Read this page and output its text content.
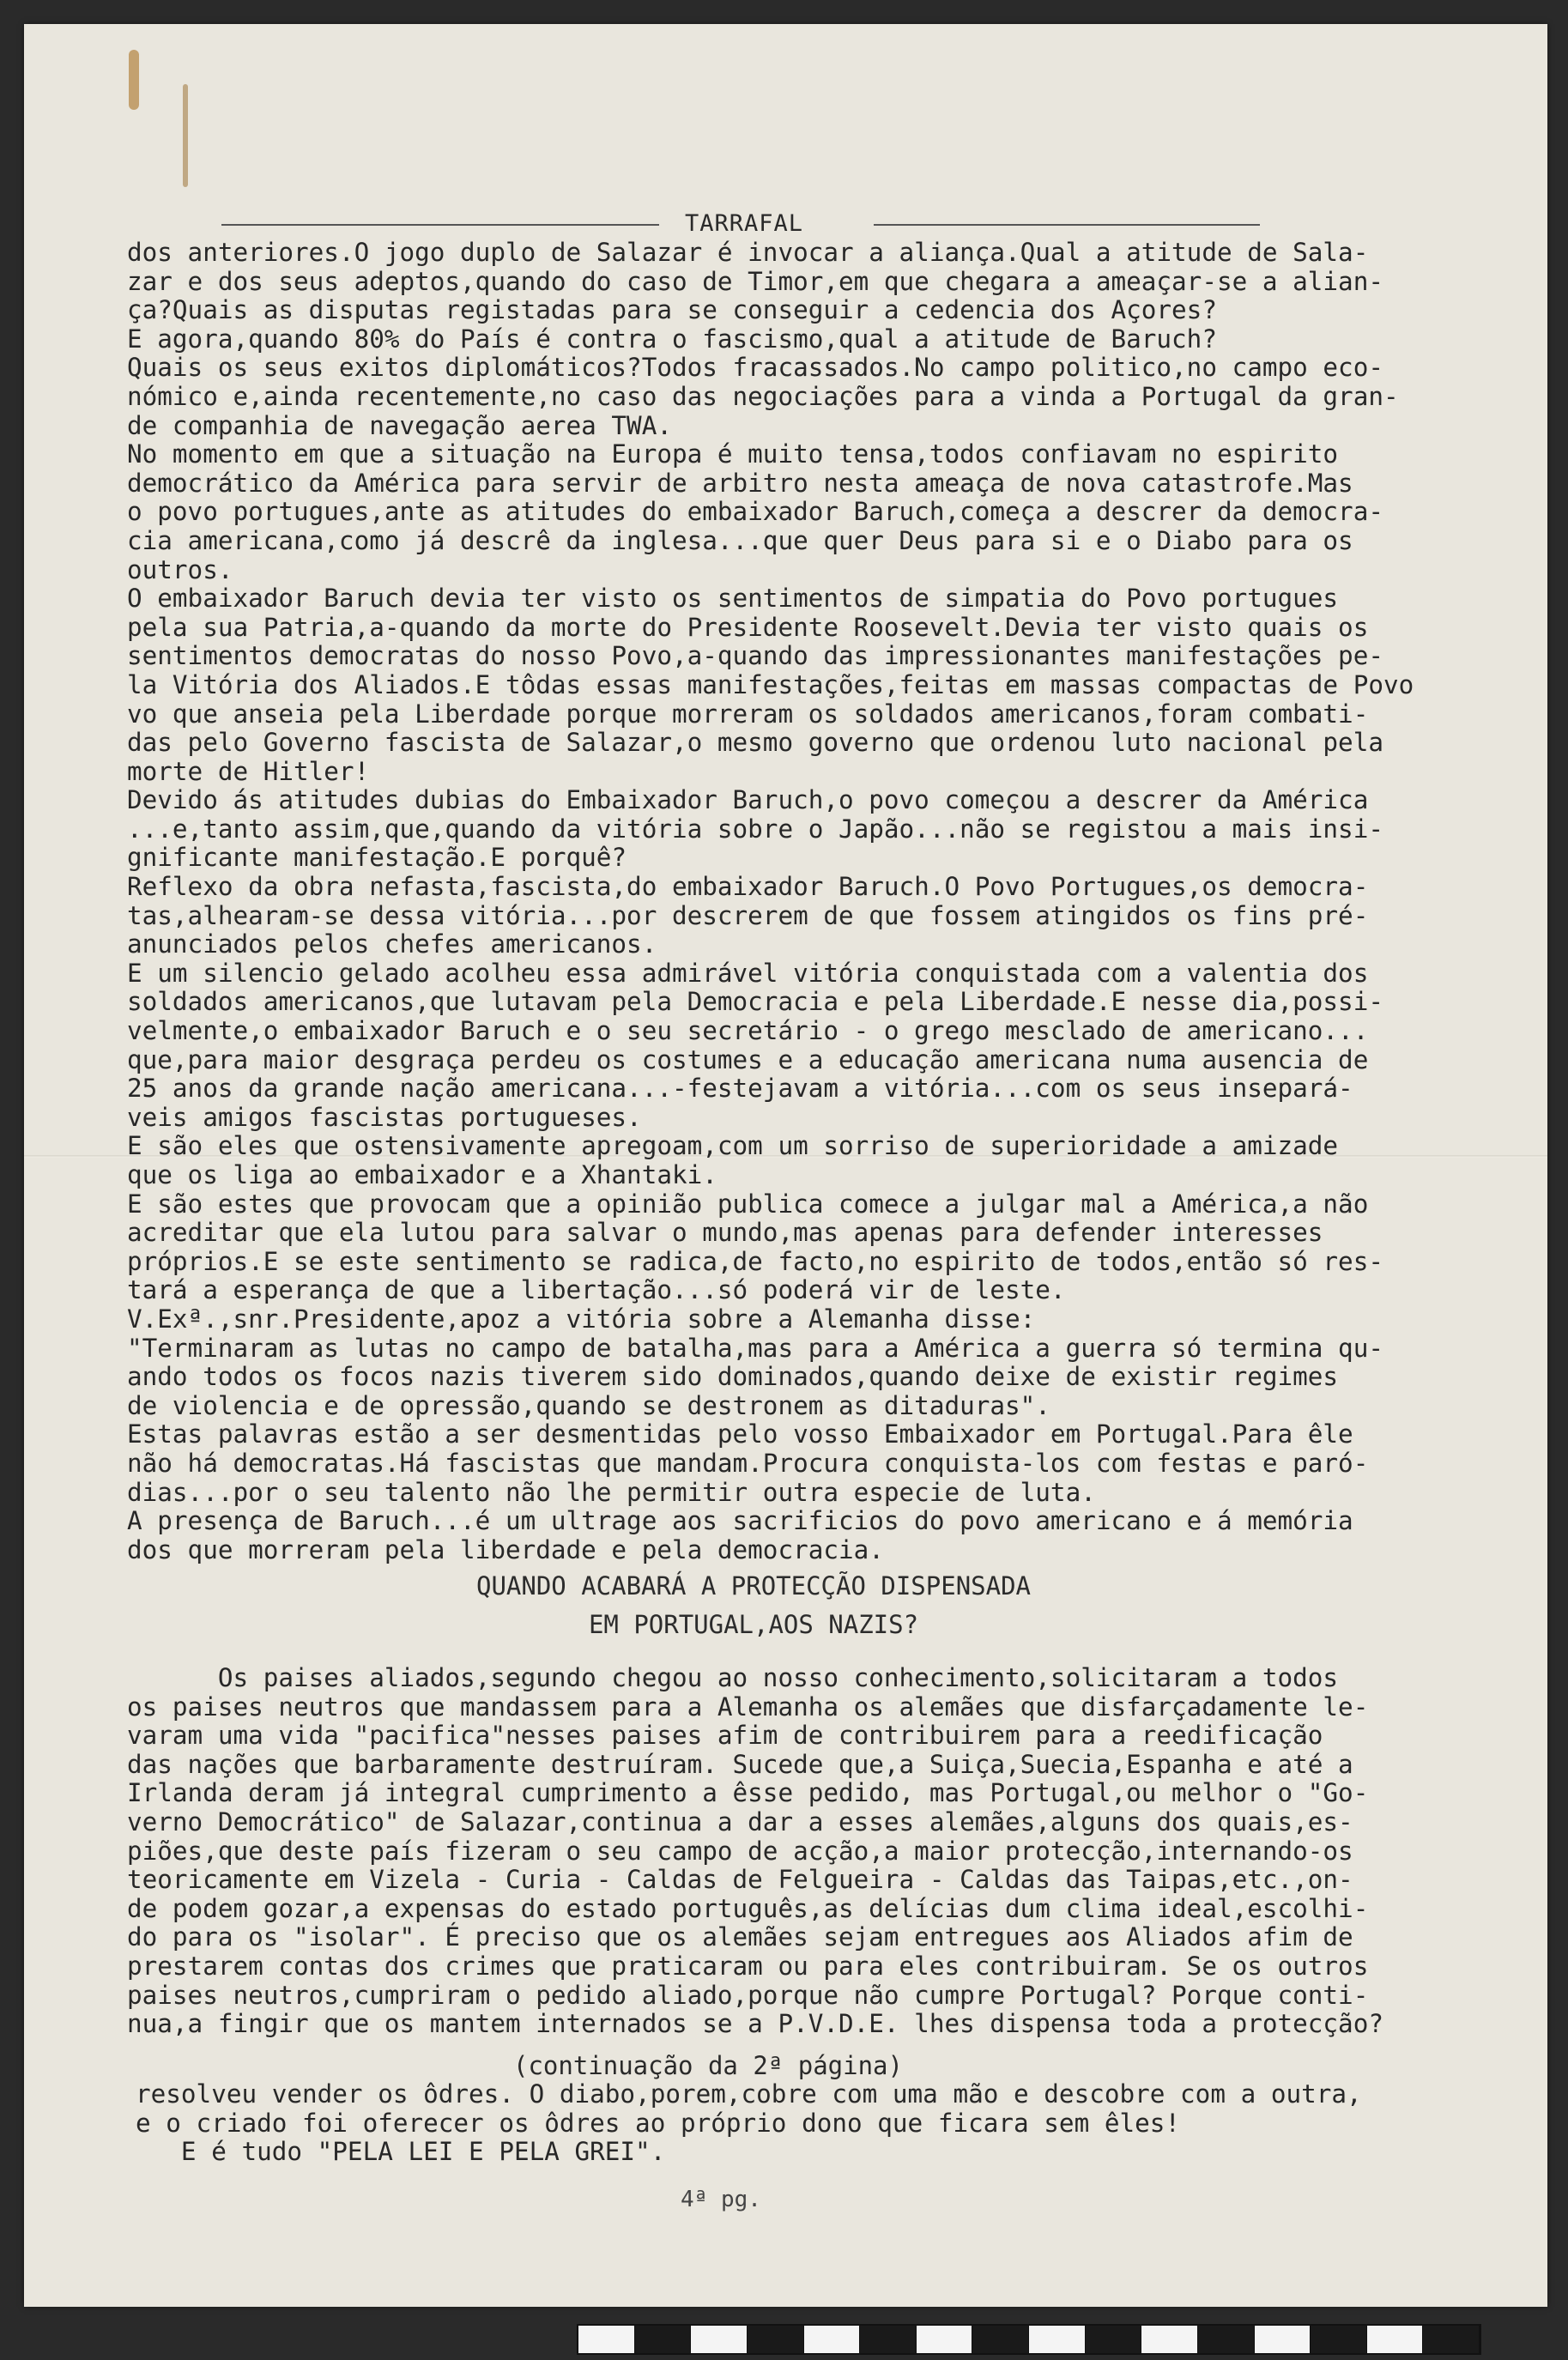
TARRAFAL

dos anteriores.O jogo duplo de Salazar é invocar a aliança.Qual a atitude de Sala-

zar e dos seus adeptos,quando do caso de Timor,em que chegara a ameaçar-se a alian-

ça?Quais as disputas registadas para se conseguir a cedencia dos Açores?

E agora,quando 80% do País é contra o fascismo,qual a atitude de Baruch?

Quais os seus exitos diplomáticos?Todos fracassados.No campo politico,no campo eco-

nómico e,ainda recentemente,no caso das negociações para a vinda a Portugal da gran-

de companhia de navegação aerea TWA.

No momento em que a situação na Europa é muito tensa,todos confiavam no espirito

democrático da América para servir de arbitro nesta ameaça de nova catastrofe.Mas

o povo portugues,ante as atitudes do embaixador Baruch,começa a descrer da democra-

cia americana,como já descrê da inglesa...que quer Deus para si e o Diabo para os

outros.

O embaixador Baruch devia ter visto os sentimentos de simpatia do Povo portugues

pela sua Patria,a-quando da morte do Presidente Roosevelt.Devia ter visto quais os

sentimentos democratas do nosso Povo,a-quando das impressionantes manifestações pe-

la Vitória dos Aliados.E tôdas essas manifestações,feitas em massas compactas de Povo

vo que anseia pela Liberdade porque morreram os soldados americanos,foram combati-

das pelo Governo fascista de Salazar,o mesmo governo que ordenou luto nacional pela

morte de Hitler!

Devido ás atitudes dubias do Embaixador Baruch,o povo começou a descrer da América

...e,tanto assim,que,quando da vitória sobre o Japão...não se registou a mais insi-

gnificante manifestação.E porquê?

Reflexo da obra nefasta,fascista,do embaixador Baruch.O Povo Portugues,os democra-

tas,alhearam-se dessa vitória...por descrerem de que fossem atingidos os fins pré-

anunciados pelos chefes americanos.

E um silencio gelado acolheu essa admirável vitória conquistada com a valentia dos

soldados americanos,que lutavam pela Democracia e pela Liberdade.E nesse dia,possi-

velmente,o embaixador Baruch e o seu secretário - o grego mesclado de americano...

que,para maior desgraça perdeu os costumes e a educação americana numa ausencia de

25 anos da grande nação americana...-festejavam a vitória...com os seus insepará-

veis amigos fascistas portugueses.

E são eles que ostensivamente apregoam,com um sorriso de superioridade a amizade

que os liga ao embaixador e a Xhantaki.

E são estes que provocam que a opinião publica comece a julgar mal a América,a não

acreditar que ela lutou para salvar o mundo,mas apenas para defender interesses

próprios.E se este sentimento se radica,de facto,no espirito de todos,então só res-

tará a esperança de que a libertação...só poderá vir de leste.

V.Exª.,snr.Presidente,apoz a vitória sobre a Alemanha disse:

"Terminaram as lutas no campo de batalha,mas para a América a guerra só termina qu-

ando todos os focos nazis tiverem sido dominados,quando deixe de existir regimes

de violencia e de opressão,quando se destronem as ditaduras".

Estas palavras estão a ser desmentidas pelo vosso Embaixador em Portugal.Para êle

não há democratas.Há fascistas que mandam.Procura conquista-los com festas e paró-

dias...por o seu talento não lhe permitir outra especie de luta.

A presença de Baruch...é um ultrage aos sacrificios do povo americano e á memória

dos que morreram pela liberdade e pela democracia.

QUANDO ACABARÁ A PROTECÇÃO DISPENSADA
EM PORTUGAL,AOS NAZIS?

Os paises aliados,segundo chegou ao nosso conhecimento,solicitaram a todos

os paises neutros que mandassem para a Alemanha os alemães que disfarçadamente le-

varam uma vida "pacifica"nesses paises afim de contribuirem para a reedificação

das nações que barbaramente destruíram. Sucede que,a Suiça,Suecia,Espanha e até a

Irlanda deram já integral cumprimento a êsse pedido, mas Portugal,ou melhor o "Go-

verno Democrático" de Salazar,continua a dar a esses alemães,alguns dos quais,es-

piões,que deste país fizeram o seu campo de acção,a maior protecção,internando-os

teoricamente em Vizela - Curia - Caldas de Felgueira - Caldas das Taipas,etc.,on-

de podem gozar,a expensas do estado português,as delícias dum clima ideal,escolhi-

do para os "isolar". É preciso que os alemães sejam entregues aos Aliados afim de

prestarem contas dos crimes que praticaram ou para eles contribuiram. Se os outros

paises neutros,cumpriram o pedido aliado,porque não cumpre Portugal? Porque conti-

nua,a fingir que os mantem internados se a P.V.D.E. lhes dispensa toda a protecção?

(continuação da 2ª página)

resolveu vender os ôdres. O diabo,porem,cobre com uma mão e descobre com a outra,

e o criado foi oferecer os ôdres ao próprio dono que ficara sem êles!

E é tudo "PELA LEI E PELA GREI".

4ª pg.
